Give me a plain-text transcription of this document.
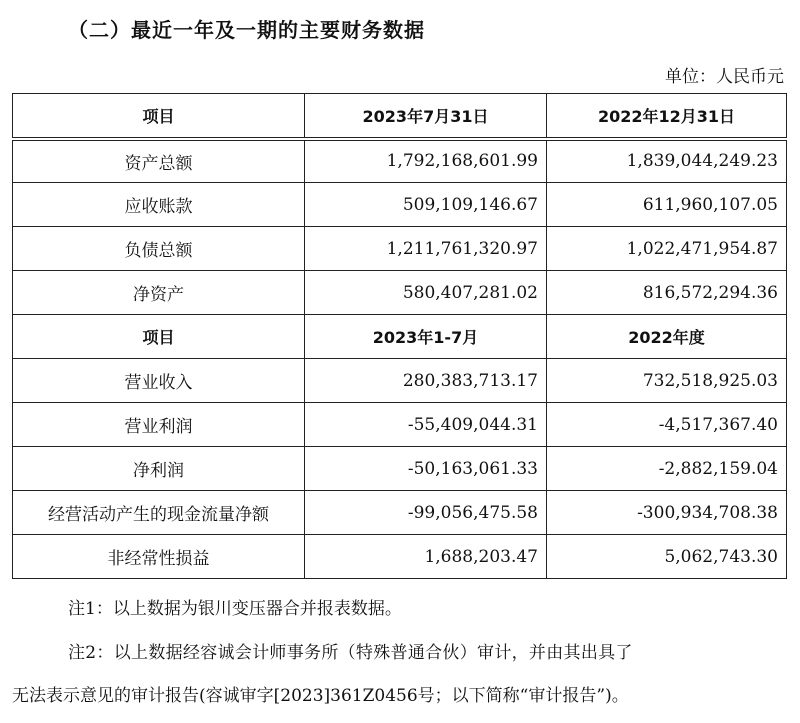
（二）最近一年及一期的主要财务数据
单位：人民币元
项目	2023年7月31日	2022年12月31日
资产总额	1,792,168,601.99	1,839,044,249.23
应收账款	509,109,146.67	611,960,107.05
负债总额	1,211,761,320.97	1,022,471,954.87
净资产	580,407,281.02	816,572,294.36
项目	2023年1-7月	2022年度
营业收入	280,383,713.17	732,518,925.03
营业利润	-55,409,044.31	-4,517,367.40
净利润	-50,163,061.33	-2,882,159.04
经营活动产生的现金流量净额	-99,056,475.58	-300,934,708.38
非经常性损益	1,688,203.47	5,062,743.30
注1：以上数据为银川变压器合并报表数据。
注2：以上数据经容诚会计师事务所（特殊普通合伙）审计，并由其出具了
无法表示意见的审计报告(容诚审字[2023]361Z0456号；以下简称“审计报告”)。
